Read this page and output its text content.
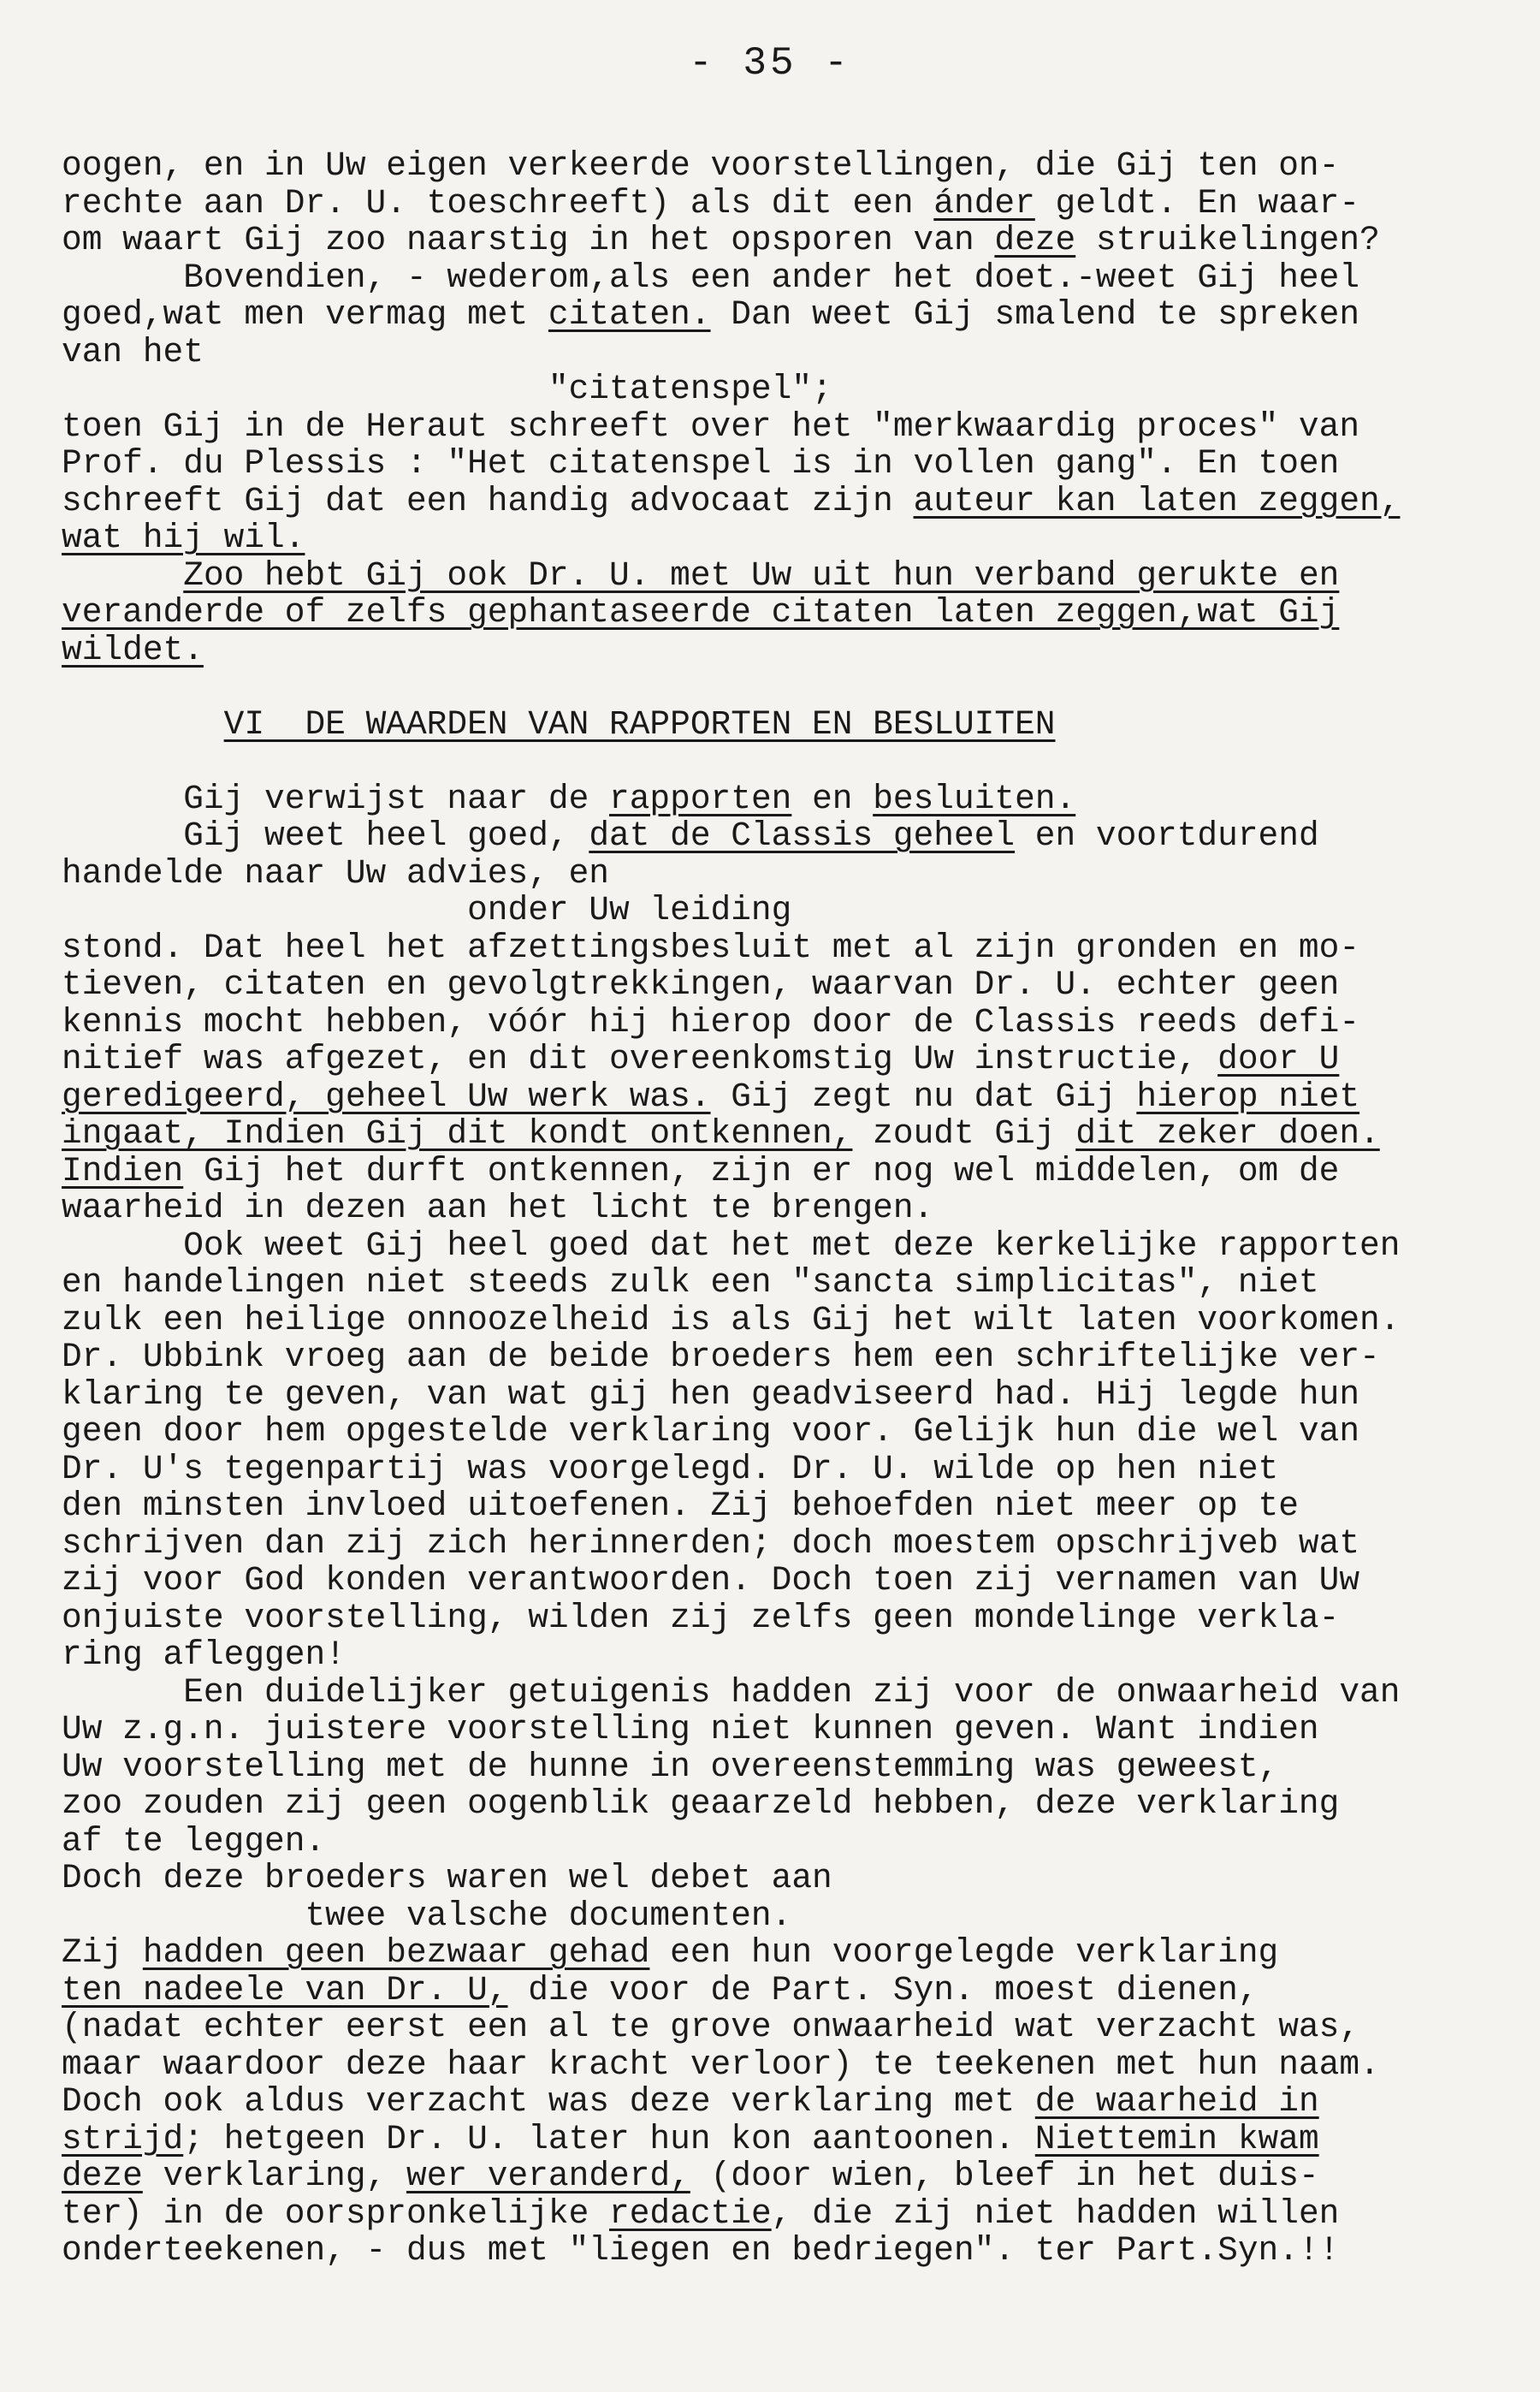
- 35 -
oogen, en in Uw eigen verkeerde voorstellingen, die Gij ten on-
rechte aan Dr. U. toeschreeft) als dit een ánder geldt. En waar-
om waart Gij zoo naarstig in het opsporen van deze struikelingen?
Bovendien, - wederom,als een ander het doet.-weet Gij heel
goed,wat men vermag met citaten. Dan weet Gij smalend te spreken
van het
"citatenspel";
toen Gij in de Heraut schreeft over het "merkwaardig proces" van
Prof. du Plessis : "Het citatenspel is in vollen gang". En toen
schreeft Gij dat een handig advocaat zijn auteur kan laten zeggen,
wat hij wil.
Zoo hebt Gij ook Dr. U. met Uw uit hun verband gerukte en
veranderde of zelfs gephantaseerde citaten laten zeggen,wat Gij
wildet.
VI  DE WAARDEN VAN RAPPORTEN EN BESLUITEN
Gij verwijst naar de rapporten en besluiten.
Gij weet heel goed, dat de Classis geheel en voortdurend
handelde naar Uw advies, en
onder Uw leiding
stond. Dat heel het afzettingsbesluit met al zijn gronden en mo-
tieven, citaten en gevolgtrekkingen, waarvan Dr. U. echter geen
kennis mocht hebben, vóór hij hierop door de Classis reeds defi-
nitief was afgezet, en dit overeenkomstig Uw instructie, door U
geredigeerd, geheel Uw werk was. Gij zegt nu dat Gij hierop niet
ingaat, Indien Gij dit kondt ontkennen, zoudt Gij dit zeker doen.
Indien Gij het durft ontkennen, zijn er nog wel middelen, om de
waarheid in dezen aan het licht te brengen.
Ook weet Gij heel goed dat het met deze kerkelijke rapporten
en handelingen niet steeds zulk een "sancta simplicitas", niet
zulk een heilige onnoozelheid is als Gij het wilt laten voorkomen.
Dr. Ubbink vroeg aan de beide broeders hem een schriftelijke ver-
klaring te geven, van wat gij hen geadviseerd had. Hij legde hun
geen door hem opgestelde verklaring voor. Gelijk hun die wel van
Dr. U's tegenpartij was voorgelegd. Dr. U. wilde op hen niet
den minsten invloed uitoefenen. Zij behoefden niet meer op te
schrijven dan zij zich herinnerden; doch moestem opschrijveb wat
zij voor God konden verantwoorden. Doch toen zij vernamen van Uw
onjuiste voorstelling, wilden zij zelfs geen mondelinge verkla-
ring afleggen!
Een duidelijker getuigenis hadden zij voor de onwaarheid van
Uw z.g.n. juistere voorstelling niet kunnen geven. Want indien
Uw voorstelling met de hunne in overeenstemming was geweest,
zoo zouden zij geen oogenblik geaarzeld hebben, deze verklaring
af te leggen.
Doch deze broeders waren wel debet aan
twee valsche documenten.
Zij hadden geen bezwaar gehad een hun voorgelegde verklaring
ten nadeele van Dr. U, die voor de Part. Syn. moest dienen,
(nadat echter eerst een al te grove onwaarheid wat verzacht was,
maar waardoor deze haar kracht verloor) te teekenen met hun naam.
Doch ook aldus verzacht was deze verklaring met de waarheid in
strijd; hetgeen Dr. U. later hun kon aantoonen. Niettemin kwam
deze verklaring, wer veranderd, (door wien, bleef in het duis-
ter) in de oorspronkelijke redactie, die zij niet hadden willen
onderteekenen, - dus met "liegen en bedriegen". ter Part.Syn.!!
